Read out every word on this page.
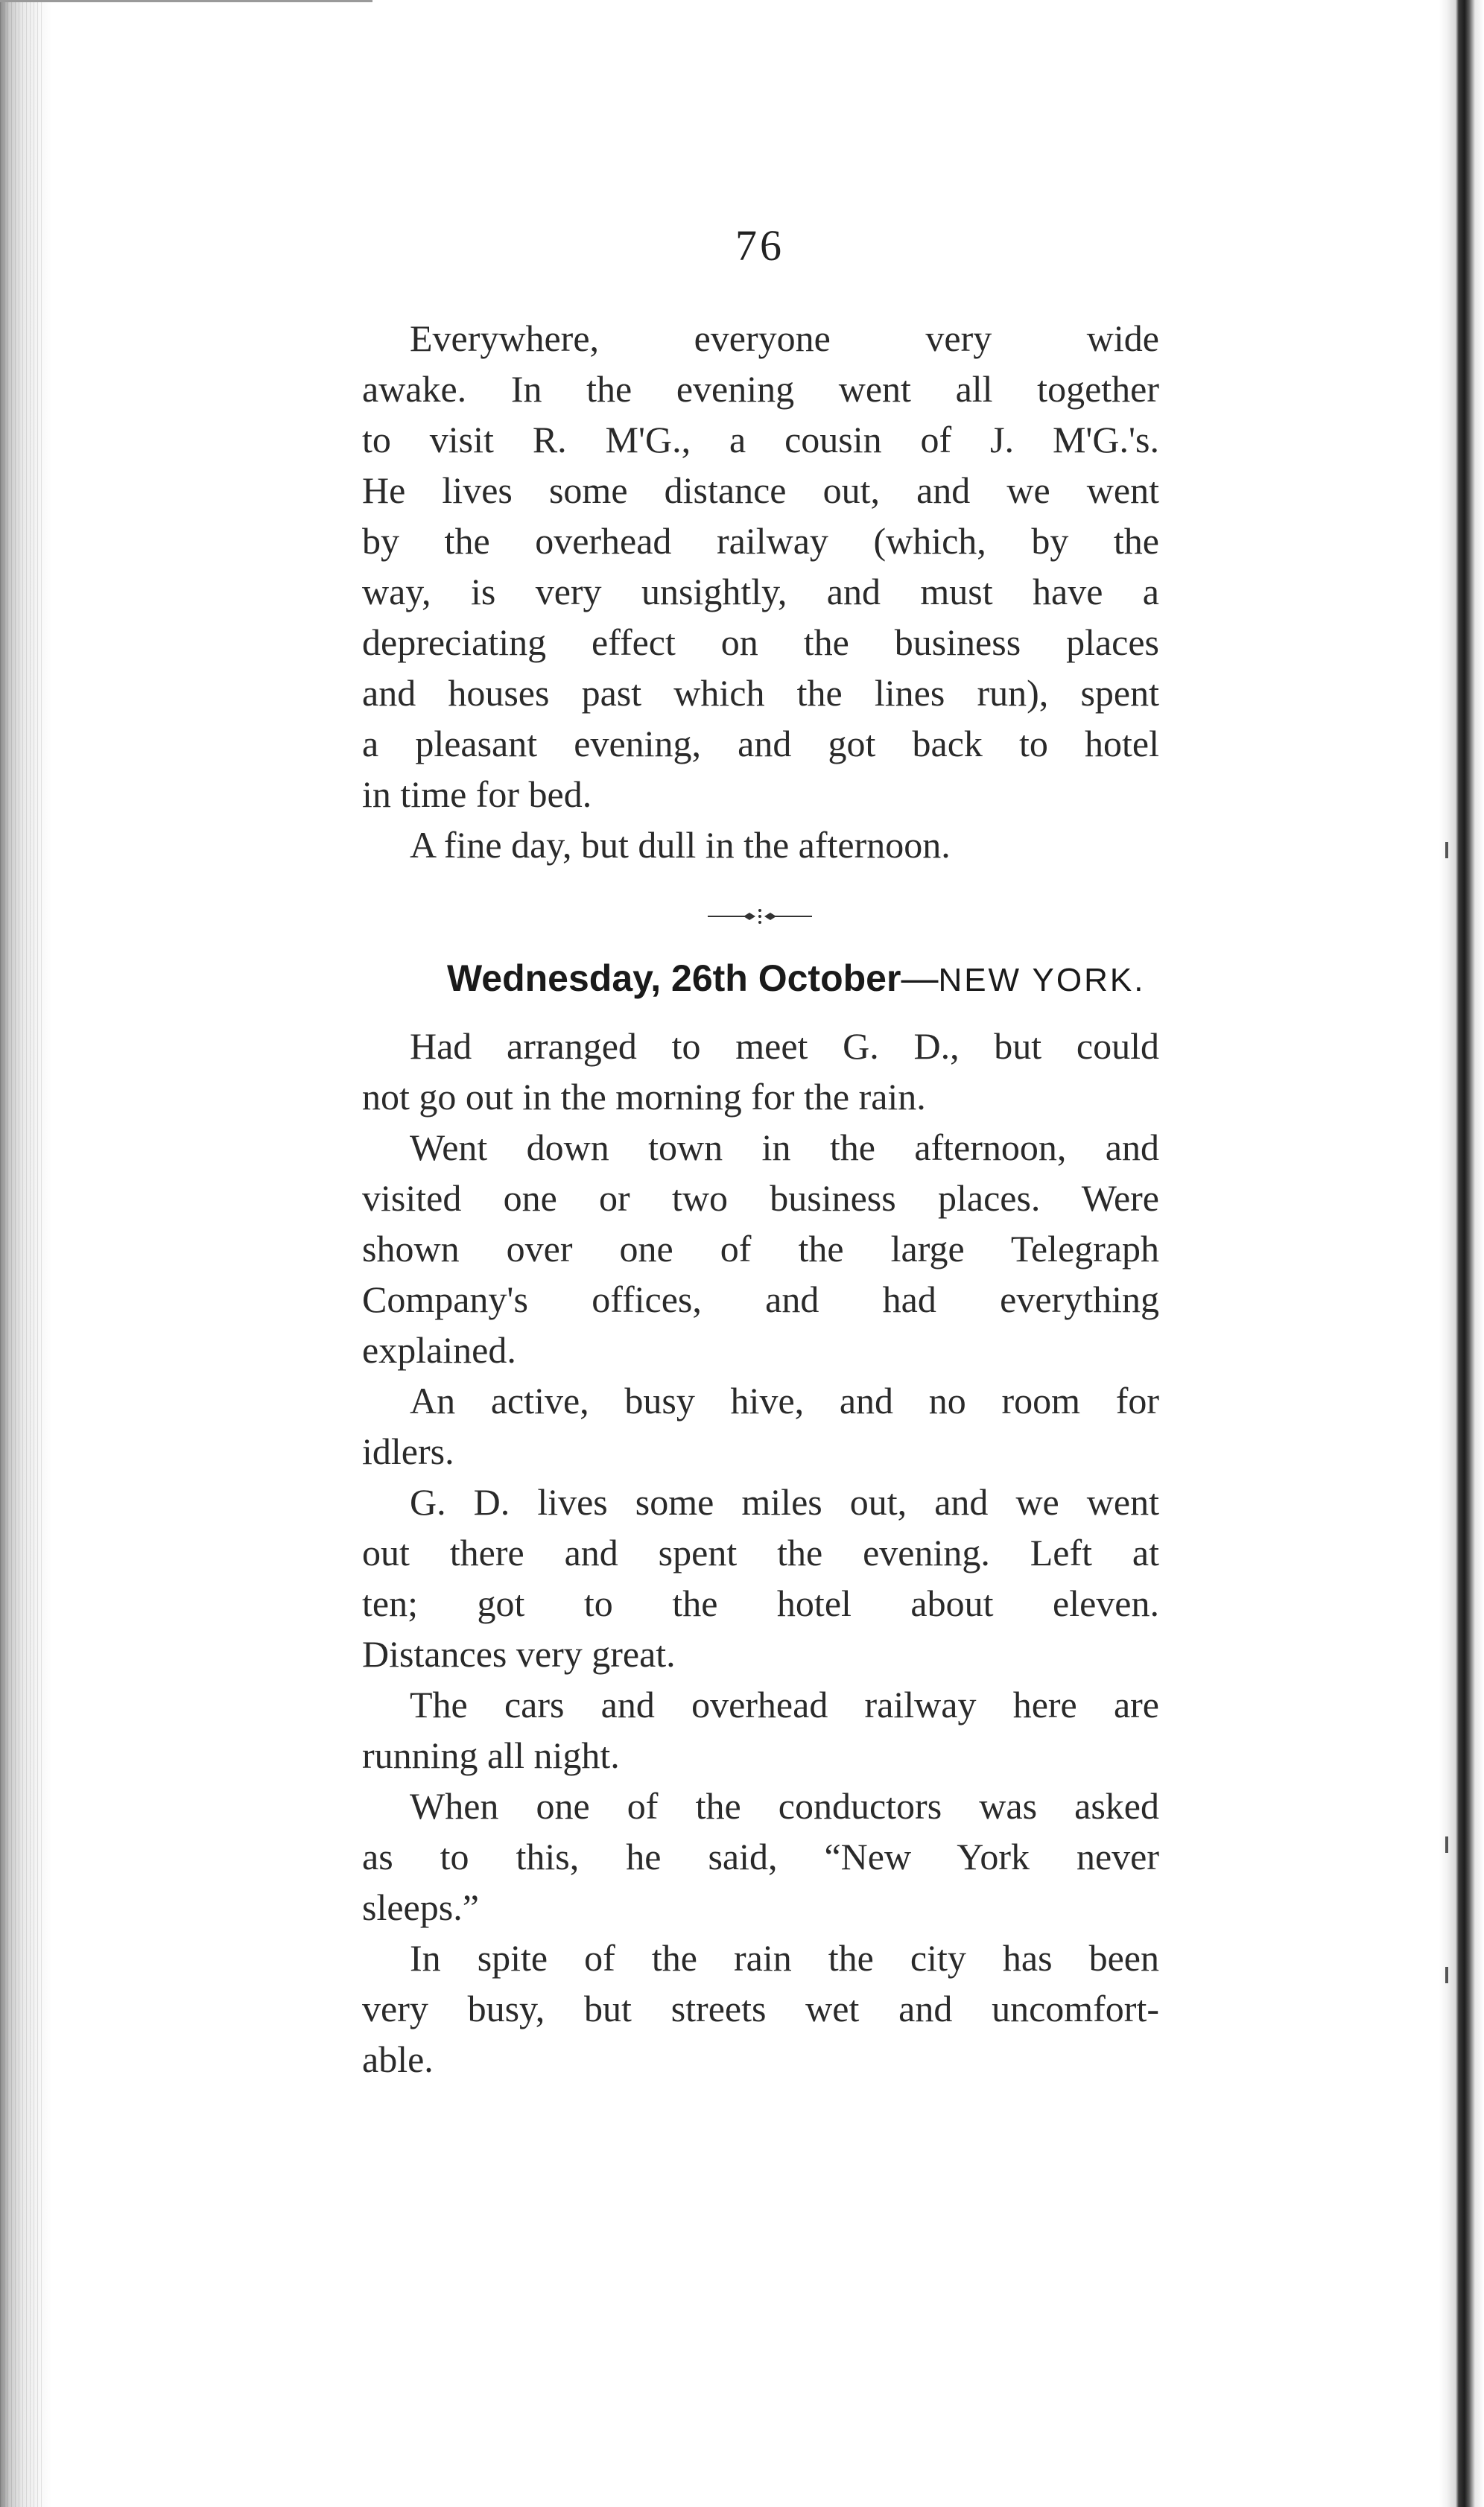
76
Everywhere, everyone very wide
awake. In the evening went all together
to visit R. M'G., a cousin of J. M'G.'s.
He lives some distance out, and we went
by the overhead railway (which, by the
way, is very unsightly, and must have a
depreciating effect on the business places
and houses past which the lines run), spent
a pleasant evening, and got back to hotel
in time for bed.
A fine day, but dull in the afternoon.
Wednesday, 26th October—NEW YORK.
Had arranged to meet G. D., but could
not go out in the morning for the rain.
Went down town in the afternoon, and
visited one or two business places. Were
shown over one of the large Telegraph
Company's offices, and had everything
explained.
An active, busy hive, and no room for
idlers.
G. D. lives some miles out, and we went
out there and spent the evening. Left at
ten; got to the hotel about eleven.
Distances very great.
The cars and overhead railway here are
running all night.
When one of the conductors was asked
as to this, he said, “New York never
sleeps.”
In spite of the rain the city has been
very busy, but streets wet and uncomfort-
able.
